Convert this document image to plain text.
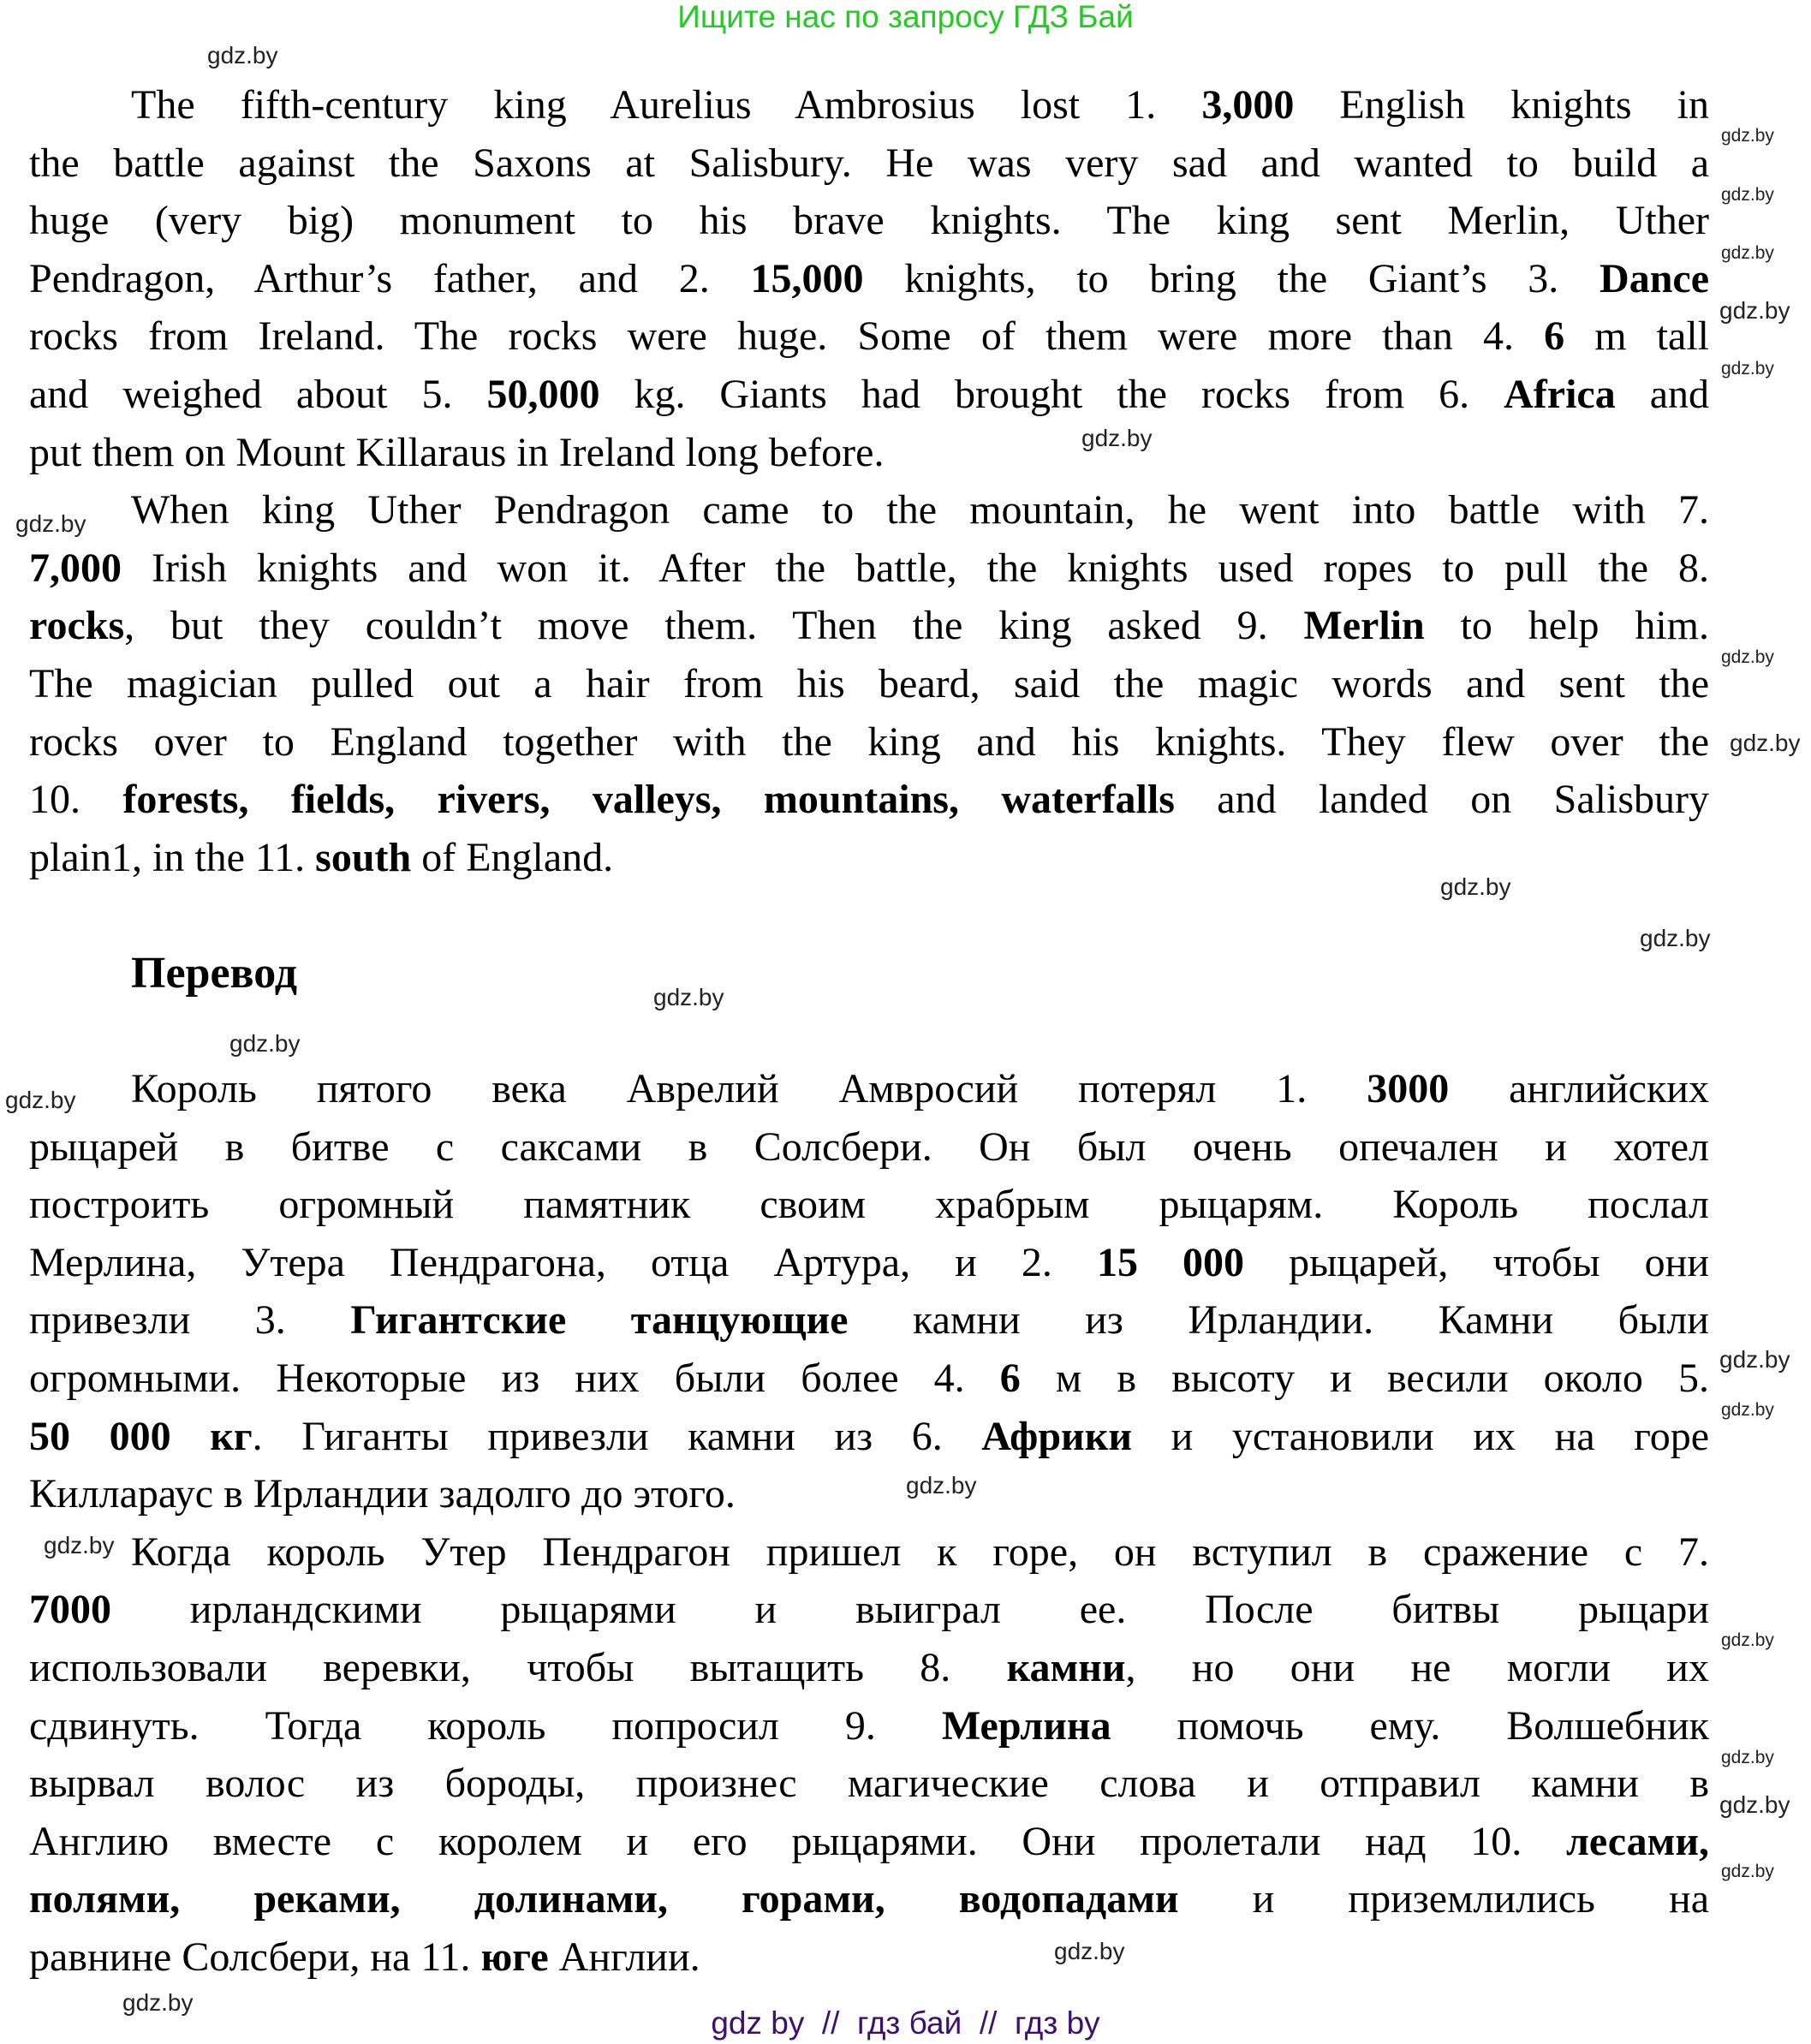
Ищите нас по запросу ГДЗ Бай
The fifth-century king Aurelius Ambrosius lost 1. 3,000 English knights in
the battle against the Saxons at Salisbury. He was very sad and wanted to build a
huge (very big) monument to his brave knights. The king sent Merlin, Uther
Pendragon, Arthur’s father, and 2. 15,000 knights, to bring the Giant’s 3. Dance
rocks from Ireland. The rocks were huge. Some of them were more than 4. 6 m tall
and weighed about 5. 50,000 kg. Giants had brought the rocks from 6. Africa and
put them on Mount Killaraus in Ireland long before.
When king Uther Pendragon came to the mountain, he went into battle with 7.
7,000 Irish knights and won it. After the battle, the knights used ropes to pull the 8.
rocks, but they couldn’t move them. Then the king asked 9. Merlin to help him.
The magician pulled out a hair from his beard, said the magic words and sent the
rocks over to England together with the king and his knights. They flew over the
10. forests, fields, rivers, valleys, mountains, waterfalls and landed on Salisbury
plain1, in the 11. south of England.
Перевод
Король пятого века Аврелий Амвросий потерял 1. 3000 английских
рыцарей в битве с саксами в Солсбери. Он был очень опечален и хотел
построить огромный памятник своим храбрым рыцарям. Король послал
Мерлина, Утера Пендрагона, отца Артура, и 2. 15 000 рыцарей, чтобы они
привезли 3. Гигантские танцующие камни из Ирландии. Камни были
огромными. Некоторые из них были более 4. 6 м в высоту и весили около 5.
50 000 кг. Гиганты привезли камни из 6. Африки и установили их на горе
Киллараус в Ирландии задолго до этого.
Когда король Утер Пендрагон пришел к горе, он вступил в сражение с 7.
7000 ирландскими рыцарями и выиграл ее. После битвы рыцари
использовали веревки, чтобы вытащить 8. камни, но они не могли их
сдвинуть. Тогда король попросил 9. Мерлина помочь ему. Волшебник
вырвал волос из бороды, произнес магические слова и отправил камни в
Англию вместе с королем и его рыцарями. Они пролетали над 10. лесами,
полями, реками, долинами, горами, водопадами и приземлились на
равнине Солсбери, на 11. юге Англии.
gdz.by
gdz.by
gdz.by
gdz.by
gdz.by
gdz.by
gdz.by
gdz.by
gdz.by
gdz.by
gdz.by
gdz.by
gdz.by
gdz.by
gdz.by
gdz.by
gdz.by
gdz.by
gdz.by
gdz.by
gdz.by
gdz.by
gdz.by
gdz.by
gdz.by
gdz by  //  гдз бай  //  гдз by
